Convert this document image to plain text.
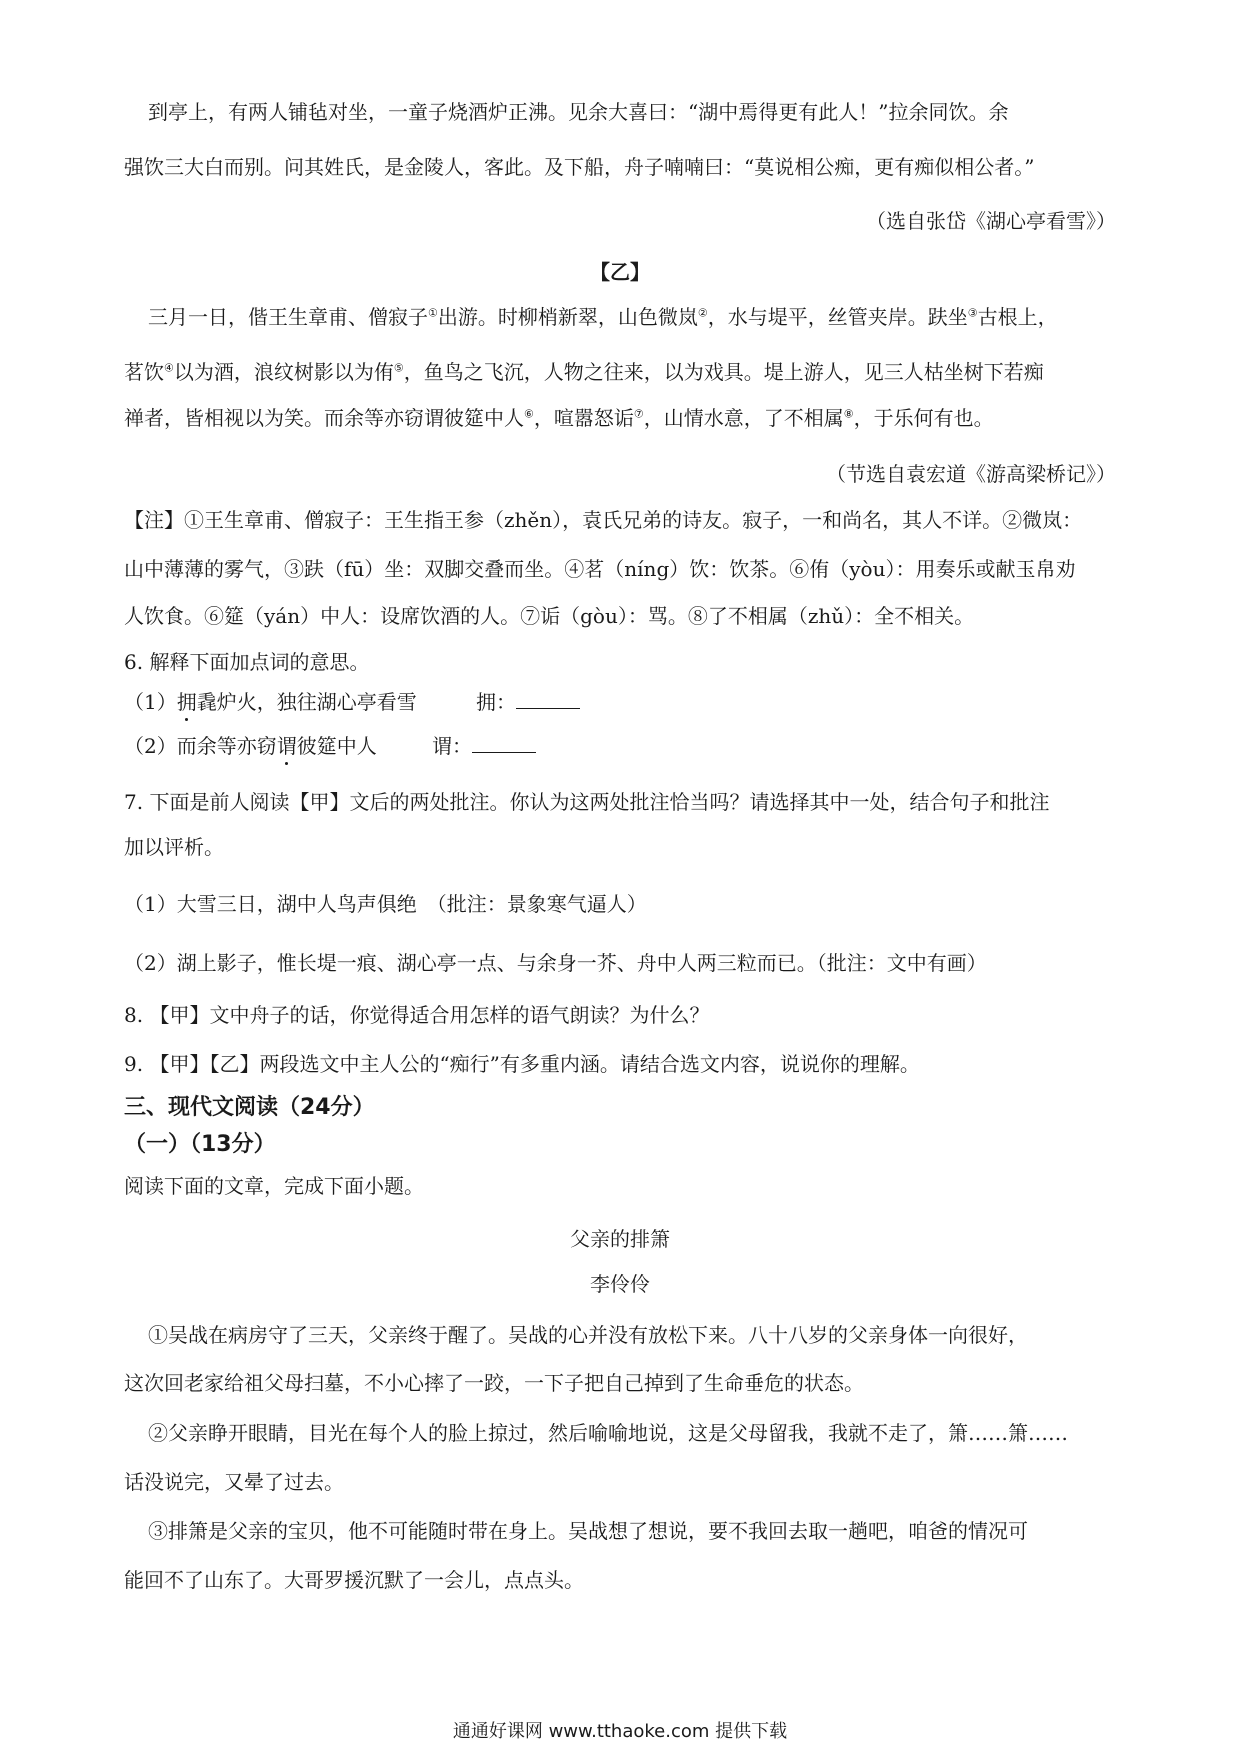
到亭上，有两人铺毡对坐，一童子烧酒炉正沸。见余大喜曰：“湖中焉得更有此人！”拉余同饮。余
强饮三大白而别。问其姓氏，是金陵人，客此。及下船，舟子喃喃曰：“莫说相公痴，更有痴似相公者。”
（选自张岱《湖心亭看雪》）
【乙】
三月一日，偕王生章甫、僧寂子①出游。时柳梢新翠，山色微岚②，水与堤平，丝管夹岸。趺坐③古根上，
茗饮④以为酒，浪纹树影以为侑⑤，鱼鸟之飞沉，人物之往来，以为戏具。堤上游人，见三人枯坐树下若痴
禅者，皆相视以为笑。而余等亦窃谓彼筵中人⑥，喧嚣怒诟⑦，山情水意，了不相属⑧，于乐何有也。
（节选自袁宏道《游高梁桥记》）
【注】①王生章甫、僧寂子：王生指王参（zhěn），袁氏兄弟的诗友。寂子，一和尚名，其人不详。②微岚：
山中薄薄的雾气，③趺（fū）坐：双脚交叠而坐。④茗（níng）饮：饮茶。⑥侑（yòu）：用奏乐或献玉帛劝
人饮食。⑥筵（yán）中人：设席饮酒的人。⑦诟（gòu）：骂。⑧了不相属（zhǔ）：全不相关。
6. 解释下面加点词的意思。
（1）拥毳炉火，独往湖心亭看雪	拥：
（2）而余等亦窃谓彼筵中人	谓：
7. 下面是前人阅读【甲】文后的两处批注。你认为这两处批注恰当吗？请选择其中一处，结合句子和批注
加以评析。
（1）大雪三日，湖中人鸟声俱绝　（批注：景象寒气逼人）
（2）湖上影子，惟长堤一痕、湖心亭一点、与余身一芥、舟中人两三粒而已。（批注：文中有画）
8. 【甲】文中舟子的话，你觉得适合用怎样的语气朗读？为什么？
9. 【甲】【乙】两段选文中主人公的“痴行”有多重内涵。请结合选文内容，说说你的理解。
三、现代文阅读（24分）
（一）（13分）
阅读下面的文章，完成下面小题。
父亲的排箫
李伶伶
①吴战在病房守了三天，父亲终于醒了。吴战的心并没有放松下来。八十八岁的父亲身体一向很好，
这次回老家给祖父母扫墓，不小心摔了一跤，一下子把自己掉到了生命垂危的状态。
②父亲睁开眼睛，目光在每个人的脸上掠过，然后喻喻地说，这是父母留我，我就不走了，箫……箫……
话没说完，又晕了过去。
③排箫是父亲的宝贝，他不可能随时带在身上。吴战想了想说，要不我回去取一趟吧，咱爸的情况可
能回不了山东了。大哥罗援沉默了一会儿，点点头。
通通好课网 www.tthaoke.com 提供下载
